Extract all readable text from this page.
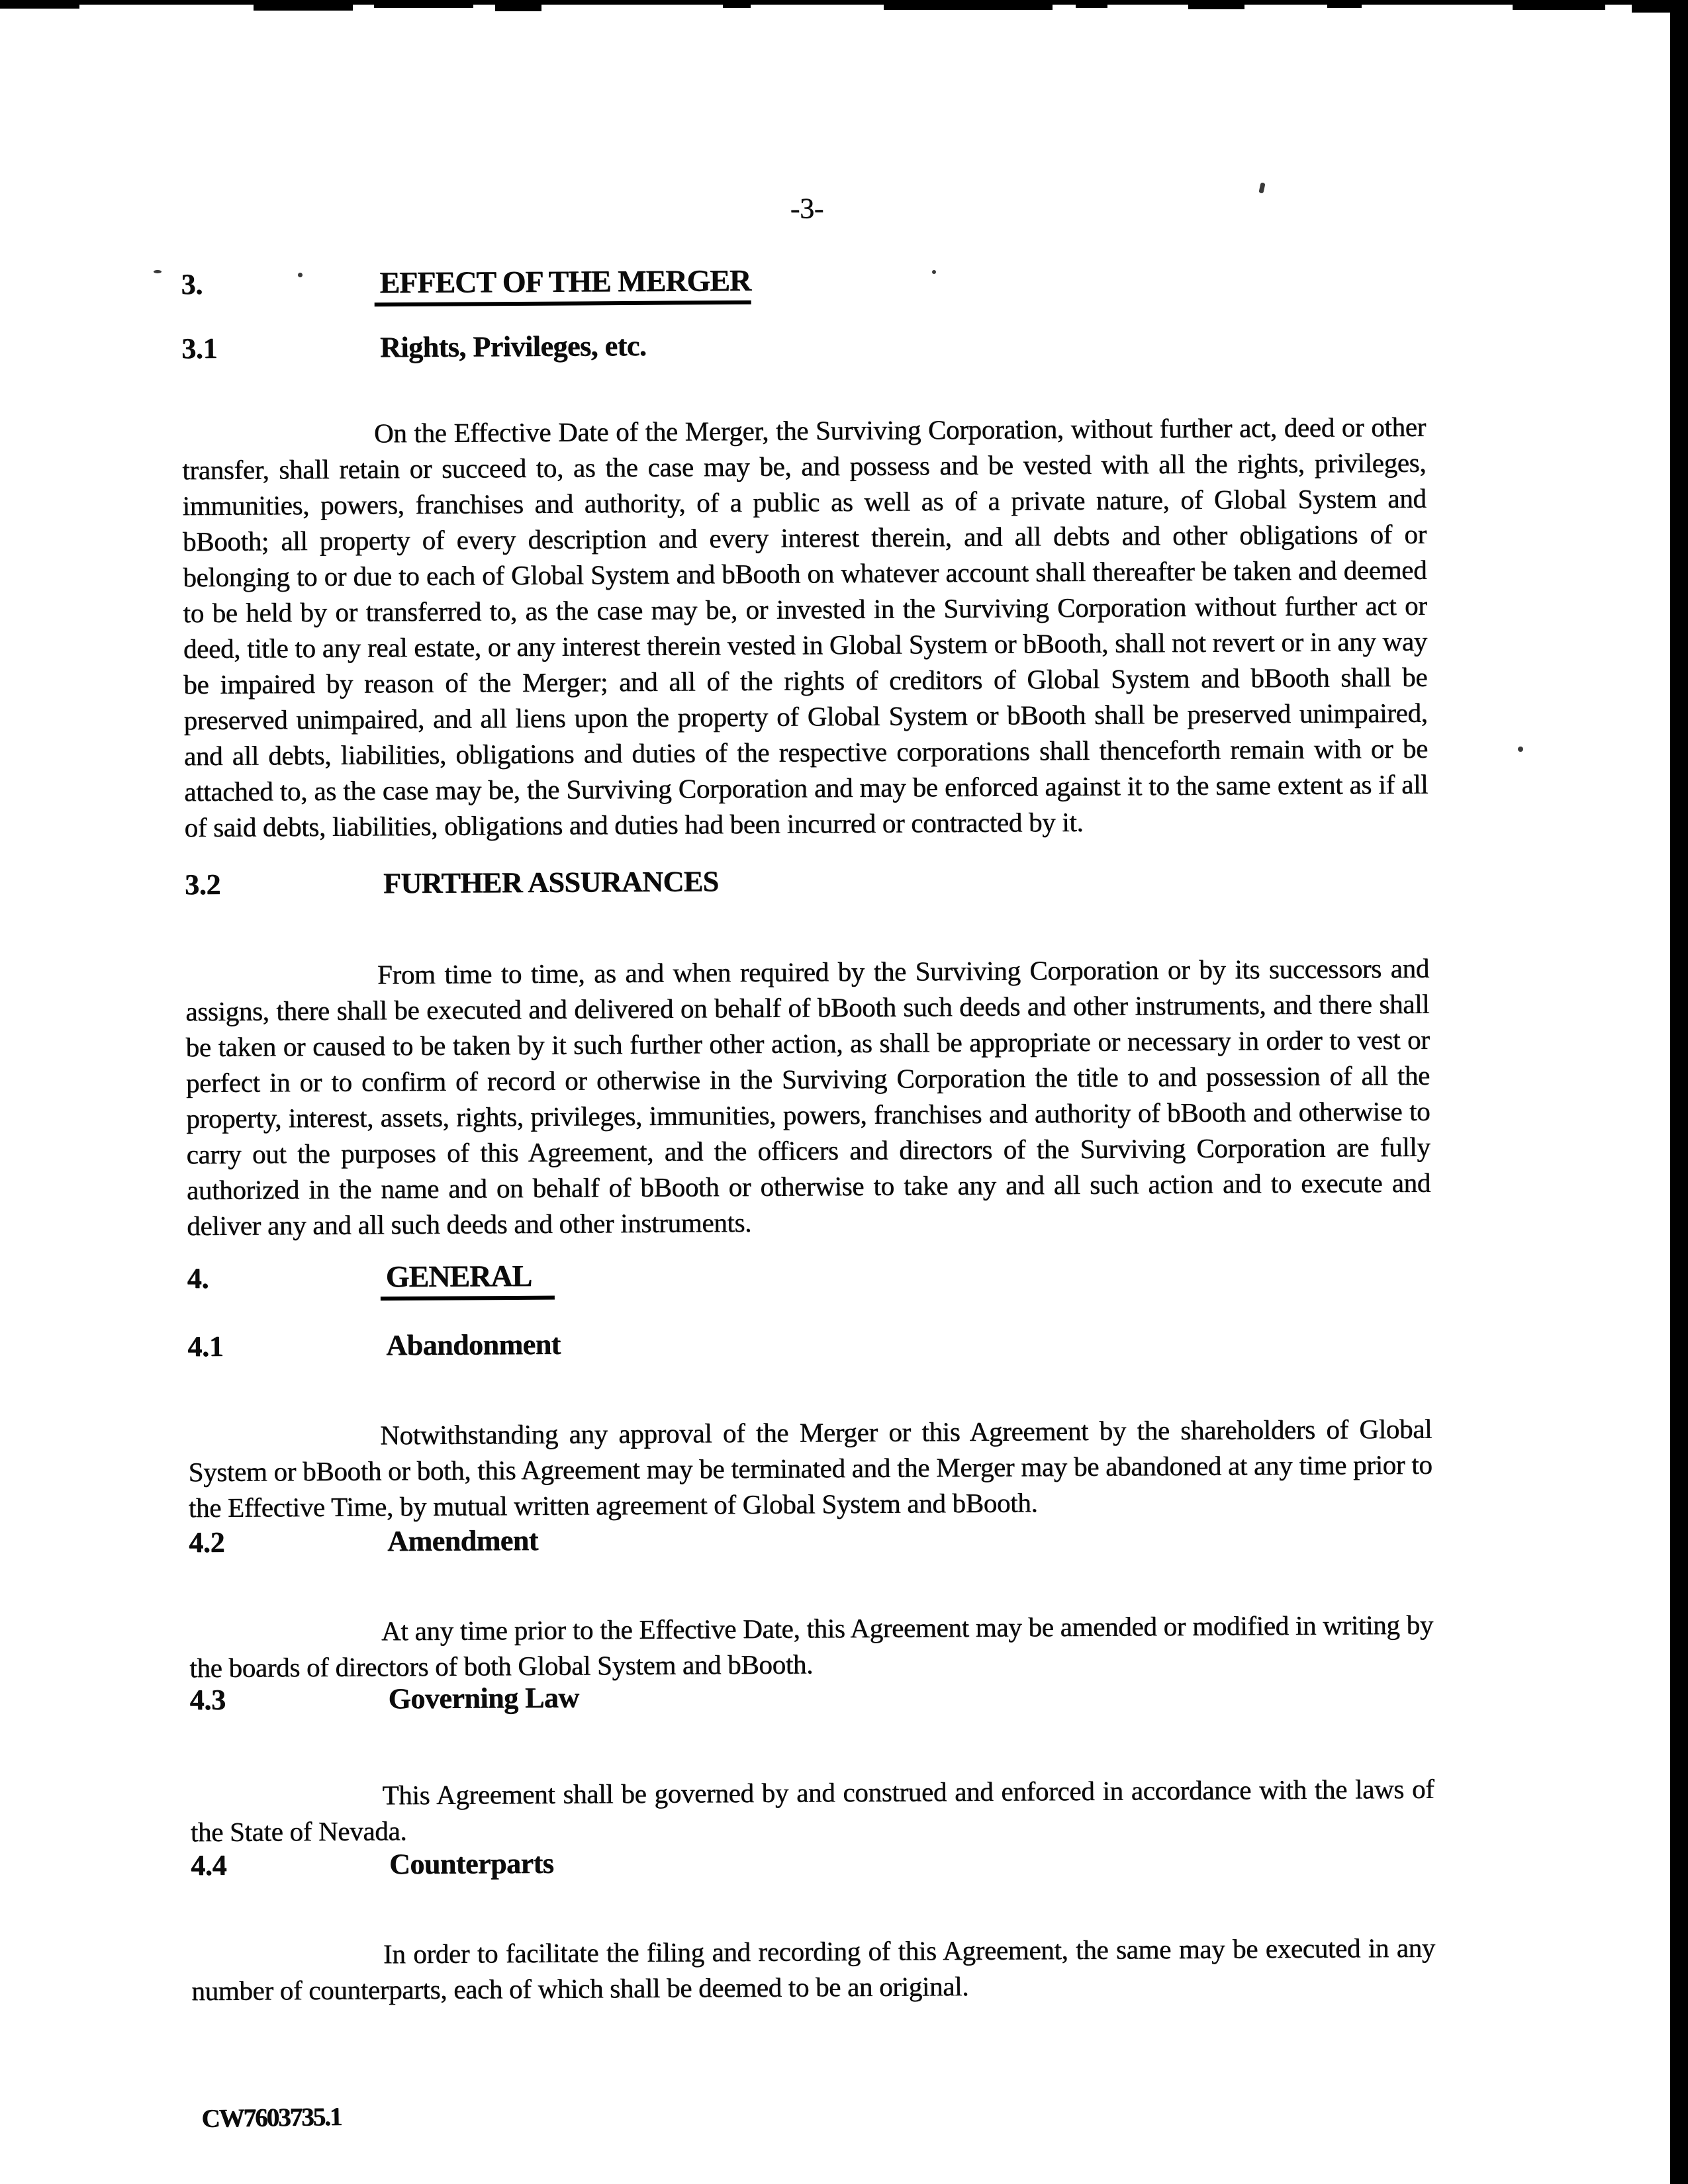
-3-
3.	EFFECT OF THE MERGER
3.1	Rights, Privileges, etc.

On the Effective Date of the Merger, the Surviving Corporation, without further act, deed or other transfer, shall retain or succeed to, as the case may be, and possess and be vested with all the rights, privileges, immunities, powers, franchises and authority, of a public as well as of a private nature, of Global System and bBooth; all property of every description and every interest therein, and all debts and other obligations of or belonging to or due to each of Global System and bBooth on whatever account shall thereafter be taken and deemed to be held by or transferred to, as the case may be, or invested in the Surviving Corporation without further act or deed, title to any real estate, or any interest therein vested in Global System or bBooth, shall not revert or in any way be impaired by reason of the Merger; and all of the rights of creditors of Global System and bBooth shall be preserved unimpaired, and all liens upon the property of Global System or bBooth shall be preserved unimpaired, and all debts, liabilities, obligations and duties of the respective corporations shall thenceforth remain with or be attached to, as the case may be, the Surviving Corporation and may be enforced against it to the same extent as if all of said debts, liabilities, obligations and duties had been incurred or contracted by it.

3.2	FURTHER ASSURANCES

From time to time, as and when required by the Surviving Corporation or by its successors and assigns, there shall be executed and delivered on behalf of bBooth such deeds and other instruments, and there shall be taken or caused to be taken by it such further other action, as shall be appropriate or necessary in order to vest or perfect in or to confirm of record or otherwise in the Surviving Corporation the title to and possession of all the property, interest, assets, rights, privileges, immunities, powers, franchises and authority of bBooth and otherwise to carry out the purposes of this Agreement, and the officers and directors of the Surviving Corporation are fully authorized in the name and on behalf of bBooth or otherwise to take any and all such action and to execute and deliver any and all such deeds and other instruments.

4.	GENERAL
4.1	Abandonment

Notwithstanding any approval of the Merger or this Agreement by the shareholders of Global System or bBooth or both, this Agreement may be terminated and the Merger may be abandoned at any time prior to the Effective Time, by mutual written agreement of Global System and bBooth.

4.2	Amendment

At any time prior to the Effective Date, this Agreement may be amended or modified in writing by the boards of directors of both Global System and bBooth.

4.3	Governing Law

This Agreement shall be governed by and construed and enforced in accordance with the laws of the State of Nevada.

4.4	Counterparts

In order to facilitate the filing and recording of this Agreement, the same may be executed in any number of counterparts, each of which shall be deemed to be an original.

CW7603735.1
